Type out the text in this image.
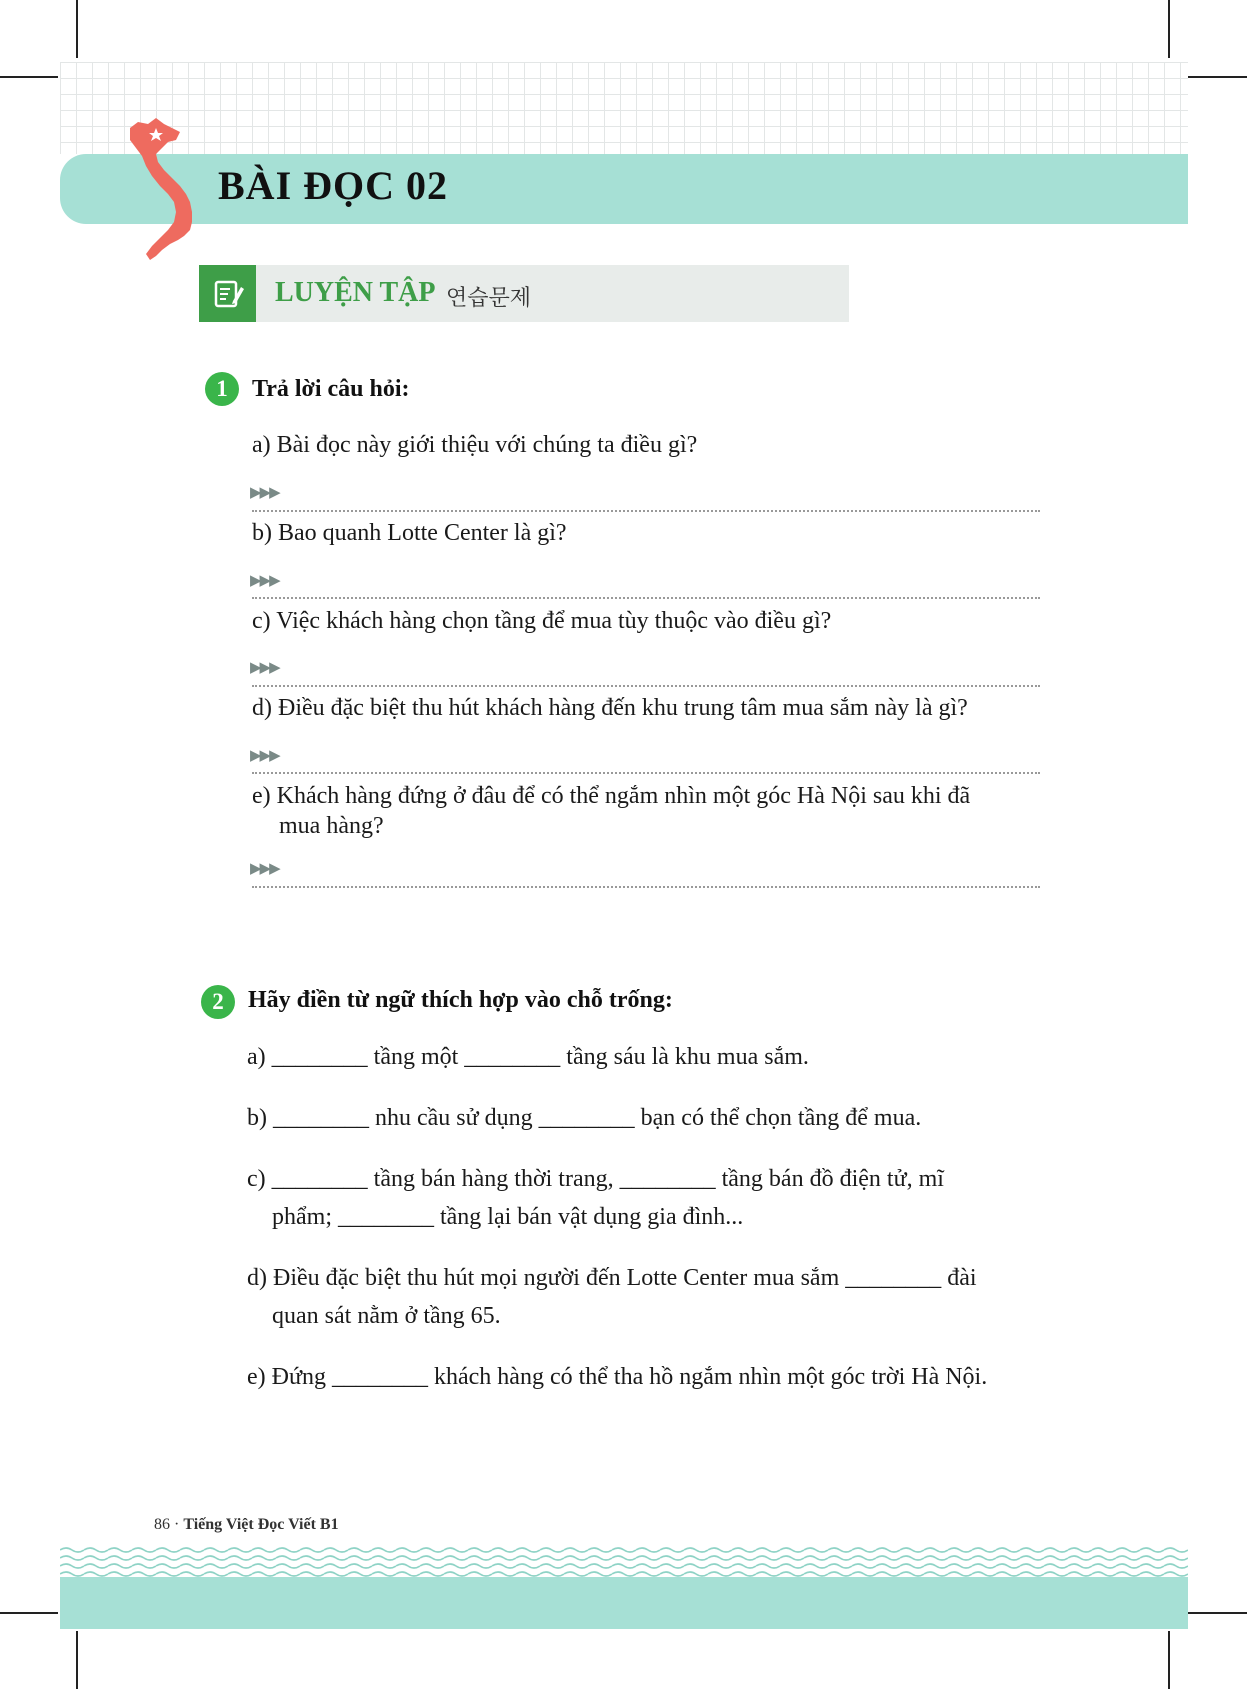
BÀI ĐỌC 02
LUYỆN TẬP 연습문제
1	Trả lời câu hỏi:
a) Bài đọc này giới thiệu với chúng ta điều gì?
▶▶▶
b) Bao quanh Lotte Center là gì?
▶▶▶
c) Việc khách hàng chọn tầng để mua tùy thuộc vào điều gì?
▶▶▶
d) Điều đặc biệt thu hút khách hàng đến khu trung tâm mua sắm này là gì?
▶▶▶
e) Khách hàng đứng ở đâu để có thể ngắm nhìn một góc Hà Nội sau khi đã
mua hàng?
▶▶▶
2	Hãy điền từ ngữ thích hợp vào chỗ trống:
a) ________ tầng một ________ tầng sáu là khu mua sắm.
b) ________ nhu cầu sử dụng ________ bạn có thể chọn tầng để mua.
c) ________ tầng bán hàng thời trang, ________ tầng bán đồ điện tử, mĩ
phẩm; ________ tầng lại bán vật dụng gia đình...
d) Điều đặc biệt thu hút mọi người đến Lotte Center mua sắm ________ đài
quan sát nằm ở tầng 65.
e) Đứng ________ khách hàng có thể tha hồ ngắm nhìn một góc trời Hà Nội.
86 · Tiếng Việt Đọc Viết B1
